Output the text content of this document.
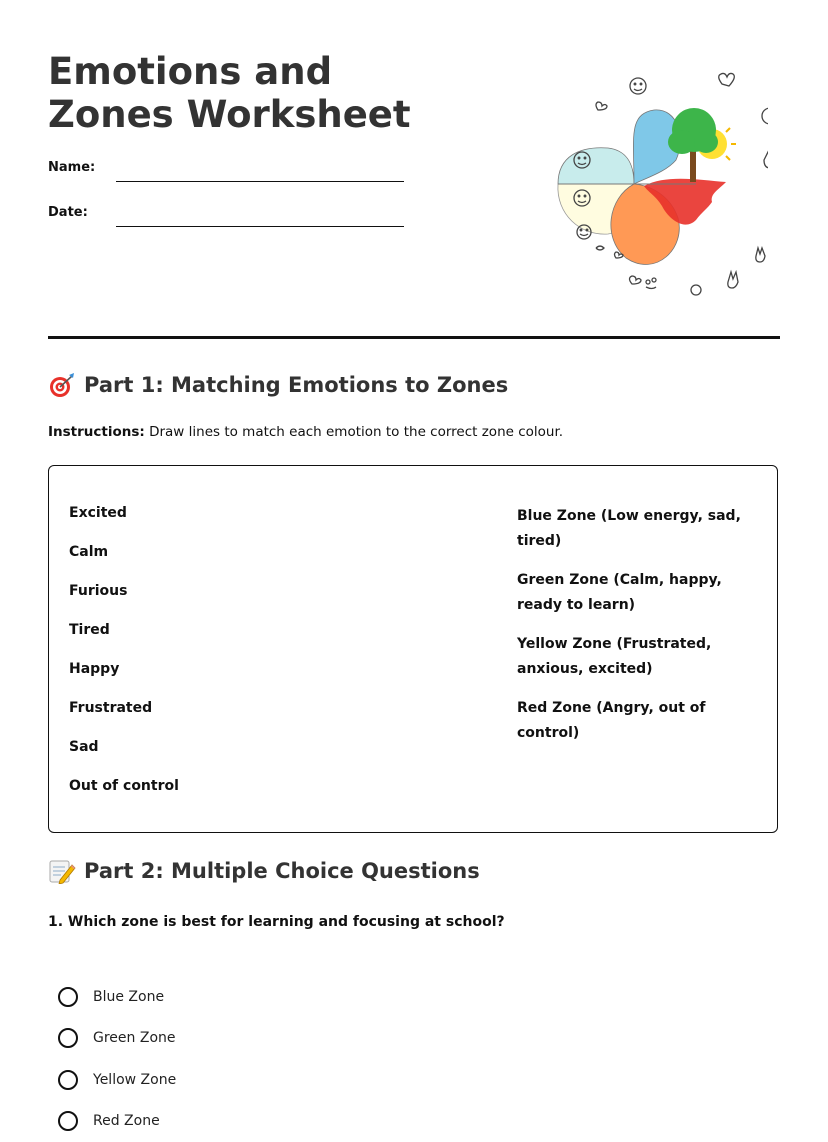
Emotions and Zones Worksheet
Name:
Date:
Part 1: Matching Emotions to Zones
Instructions: Draw lines to match each emotion to the correct zone colour.
Excited
Calm
Furious
Tired
Happy
Frustrated
Sad
Out of control
Blue Zone (Low energy, sad, tired)
Green Zone (Calm, happy, ready to learn)
Yellow Zone (Frustrated, anxious, excited)
Red Zone (Angry, out of control)
Part 2: Multiple Choice Questions
1. Which zone is best for learning and focusing at school?
Blue Zone
Green Zone
Yellow Zone
Red Zone
